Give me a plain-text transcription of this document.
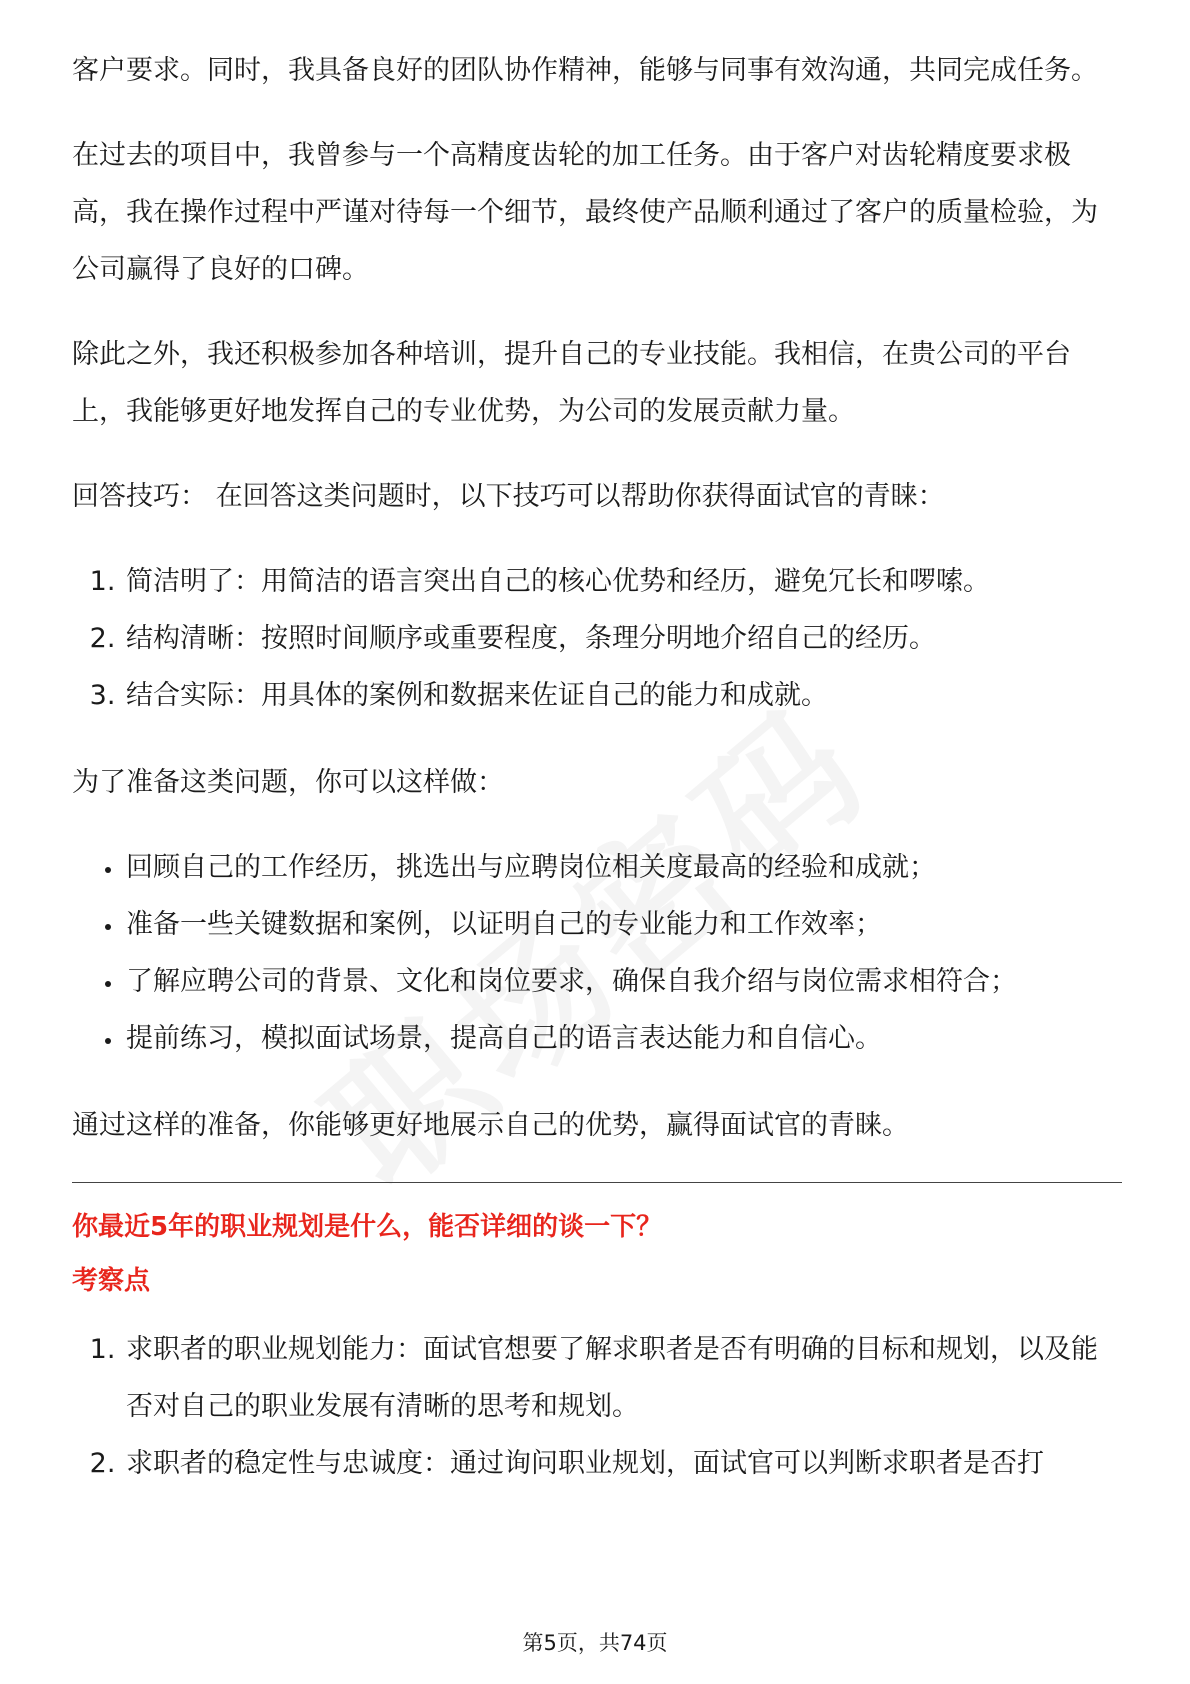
客户要求。同时，我具备良好的团队协作精神，能够与同事有效沟通，共同完成任务。

在过去的项目中，我曾参与一个高精度齿轮的加工任务。由于客户对齿轮精度要求极高，我在操作过程中严谨对待每一个细节，最终使产品顺利通过了客户的质量检验，为公司赢得了良好的口碑。

除此之外，我还积极参加各种培训，提升自己的专业技能。我相信，在贵公司的平台上，我能够更好地发挥自己的专业优势，为公司的发展贡献力量。

回答技巧： 在回答这类问题时，以下技巧可以帮助你获得面试官的青睐：

1. 简洁明了：用简洁的语言突出自己的核心优势和经历，避免冗长和啰嗦。
2. 结构清晰：按照时间顺序或重要程度，条理分明地介绍自己的经历。
3. 结合实际：用具体的案例和数据来佐证自己的能力和成就。

为了准备这类问题，你可以这样做：

• 回顾自己的工作经历，挑选出与应聘岗位相关度最高的经验和成就；
• 准备一些关键数据和案例，以证明自己的专业能力和工作效率；
• 了解应聘公司的背景、文化和岗位要求，确保自我介绍与岗位需求相符合；
• 提前练习，模拟面试场景，提高自己的语言表达能力和自信心。

通过这样的准备，你能够更好地展示自己的优势，赢得面试官的青睐。

你最近5年的职业规划是什么，能否详细的谈一下？

考察点

1. 求职者的职业规划能力：面试官想要了解求职者是否有明确的目标和规划，以及能否对自己的职业发展有清晰的思考和规划。
2. 求职者的稳定性与忠诚度：通过询问职业规划，面试官可以判断求职者是否打
第5页，共74页
